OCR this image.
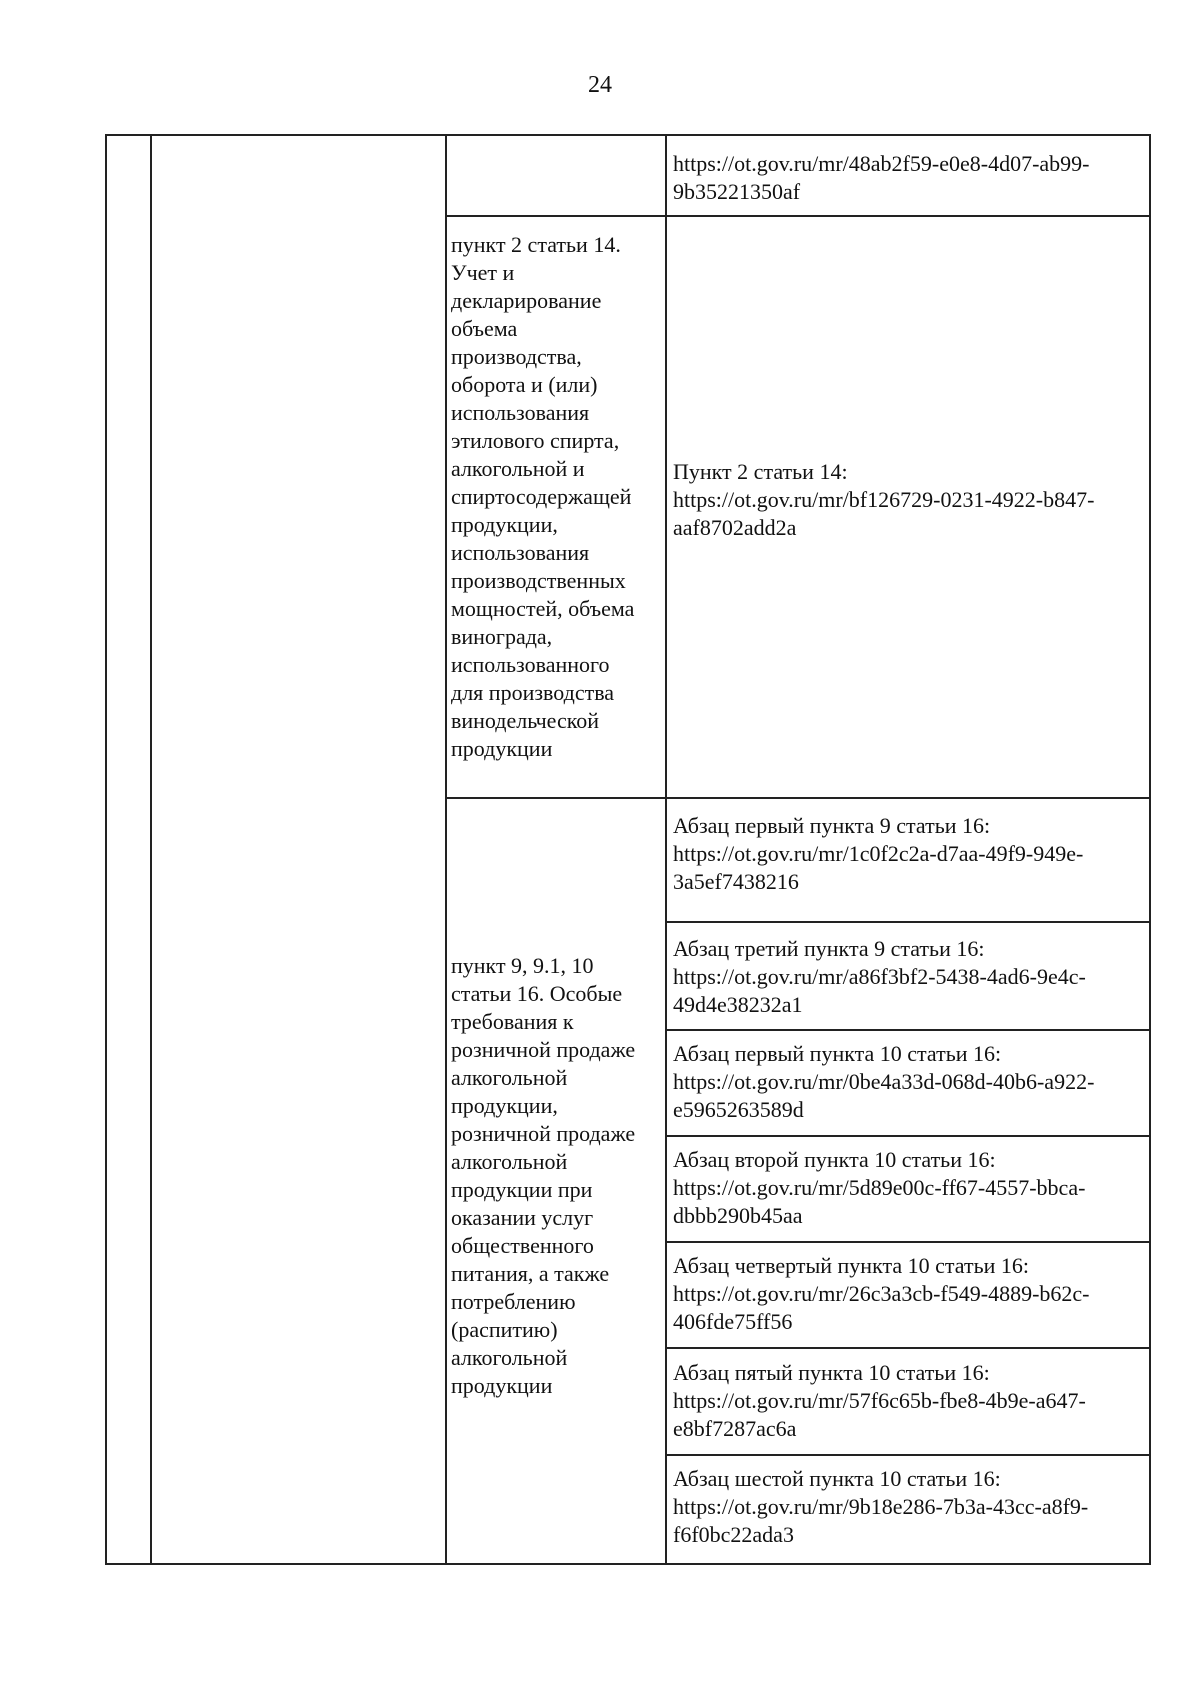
24
https://ot.gov.ru/mr/48ab2f59-e0e8-4d07-ab99-
9b35221350af
пункт 2 статьи 14.
Учет и
декларирование
объема
производства,
оборота и (или)
использования
этилового спирта,
алкогольной и
спиртосодержащей
продукции,
использования
производственных
мощностей, объема
винограда,
использованного
для производства
винодельческой
продукции
Пункт 2 статьи 14:
https://ot.gov.ru/mr/bf126729-0231-4922-b847-
aaf8702add2a
пункт 9, 9.1, 10
статьи 16. Особые
требования к
розничной продаже
алкогольной
продукции,
розничной продаже
алкогольной
продукции при
оказании услуг
общественного
питания, а также
потреблению
(распитию)
алкогольной
продукции
Абзац первый пункта 9 статьи 16:
https://ot.gov.ru/mr/1c0f2c2a-d7aa-49f9-949e-
3a5ef7438216
Абзац третий пункта 9 статьи 16:
https://ot.gov.ru/mr/a86f3bf2-5438-4ad6-9e4c-
49d4e38232a1
Абзац первый пункта 10 статьи 16:
https://ot.gov.ru/mr/0be4a33d-068d-40b6-a922-
e5965263589d
Абзац второй пункта 10 статьи 16:
https://ot.gov.ru/mr/5d89e00c-ff67-4557-bbca-
dbbb290b45aa
Абзац четвертый пункта 10 статьи 16:
https://ot.gov.ru/mr/26c3a3cb-f549-4889-b62c-
406fde75ff56
Абзац пятый пункта 10 статьи 16:
https://ot.gov.ru/mr/57f6c65b-fbe8-4b9e-a647-
e8bf7287ac6a
Абзац шестой пункта 10 статьи 16:
https://ot.gov.ru/mr/9b18e286-7b3a-43cc-a8f9-
f6f0bc22ada3
